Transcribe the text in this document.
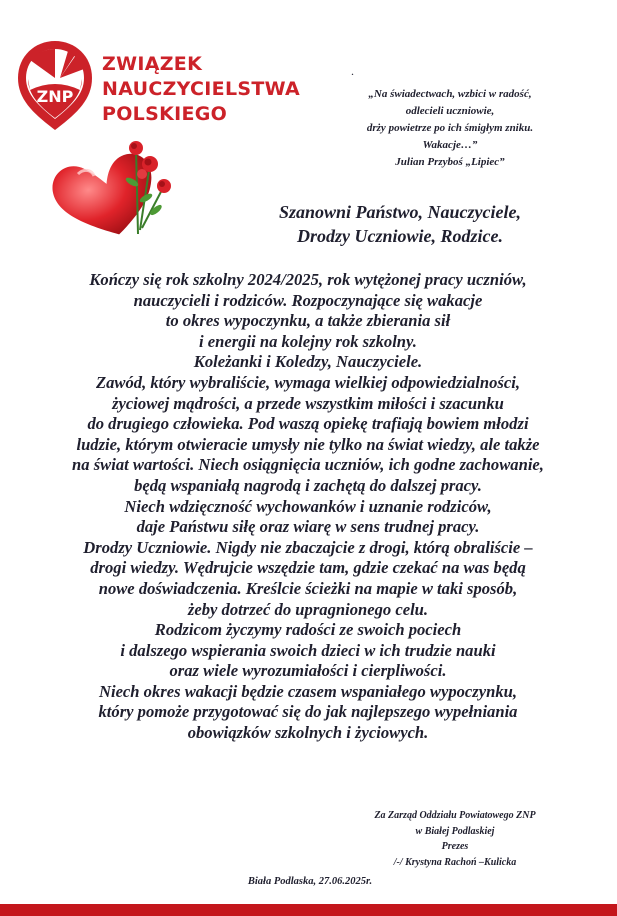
ZNP
ZWIĄZEK
NAUCZYCIELSTWA
POLSKIEGO
.
„Na świadectwach, wzbici w radość,
odlecieli uczniowie,
drży powietrze po ich śmigłym zniku.
Wakacje…”
Julian Przyboś „Lipiec”
Szanowni Państwo, Nauczyciele,
Drodzy Uczniowie, Rodzice.
Kończy się rok szkolny 2024/2025, rok wytężonej pracy uczniów,
nauczycieli i rodziców. Rozpoczynające się wakacje
to okres wypoczynku, a także zbierania sił
i energii na kolejny rok szkolny.
Koleżanki i Koledzy, Nauczyciele.
Zawód, który wybraliście, wymaga wielkiej odpowiedzialności,
życiowej mądrości, a przede wszystkim miłości i szacunku
do drugiego człowieka. Pod waszą opiekę trafiają bowiem młodzi
ludzie, którym otwieracie umysły nie tylko na świat wiedzy, ale także
na świat wartości. Niech osiągnięcia uczniów, ich godne zachowanie,
będą wspaniałą nagrodą i zachętą do dalszej pracy.
Niech wdzięczność wychowanków i uznanie rodziców,
daje Państwu siłę oraz wiarę w sens trudnej pracy.
Drodzy Uczniowie. Nigdy nie zbaczajcie z drogi, którą obraliście –
drogi wiedzy. Wędrujcie wszędzie tam, gdzie czekać na was będą
nowe doświadczenia. Kreślcie ścieżki na mapie w taki sposób,
żeby dotrzeć do upragnionego celu.
Rodzicom życzymy radości ze swoich pociech
i dalszego wspierania swoich dzieci w ich trudzie nauki
oraz wiele wyrozumiałości i cierpliwości.
Niech okres wakacji będzie czasem wspaniałego wypoczynku,
który pomoże przygotować się do jak najlepszego wypełniania
obowiązków szkolnych i życiowych.
Za Zarząd Oddziału Powiatowego ZNP
w Białej Podlaskiej
Prezes
/-/ Krystyna Rachoń –Kulicka
Biała Podlaska, 27.06.2025r.
